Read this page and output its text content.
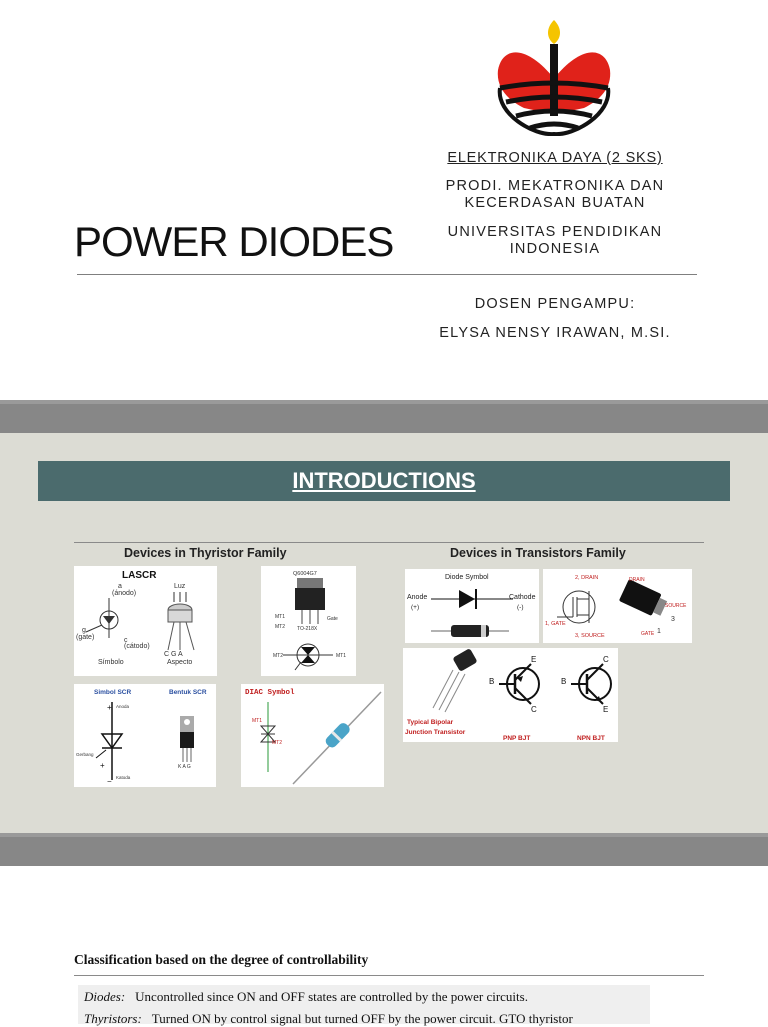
ELEKTRONIKA DAYA (2 SKS)
PRODI. MEKATRONIKA DAN
KECERDASAN BUATAN
UNIVERSITAS PENDIDIKAN
INDONESIA
POWER DIODES
DOSEN PENGAMPU:
ELYSA NENSY IRAWAN, M.SI.
INTRODUCTIONS
Devices in Thyristor Family	Devices in Transistors Family
LASCR
a
(ánodo)
g
(gate)	c
(cátodo)
Símbolo
Luz
C G A
Aspecto
Q6004G7
MT1
MT2
Gate
TO-218X
MT2	MT1
Simbol SCR	Bentuk SCR
+ Anoda
Gerbang
Katoda
+
−
K A G
DIAC Symbol
MT1
MT2
Diode Symbol
Anode
(+)
Cathode
(-)
2, DRAIN
1, GATE
3, SOURCE
DRAIN
SOURCE
GATE
3
1
Typical Bipolar
Junction Transistor
E
B
C
PNP BJT
C
B
E
NPN BJT
Classification based on the degree of controllability
Diodes: Uncontrolled since ON and OFF states are controlled by the power circuits.
Thyristors: Turned ON by control signal but turned OFF by the power circuit. GTO thyristor
